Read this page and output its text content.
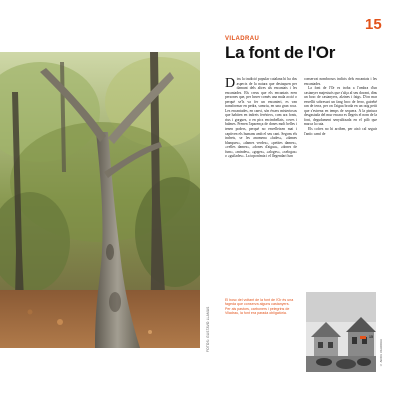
FOTOS: GUSTAVO LLAMAS
El bosc del voltant de la font de l'Or és una fageda que conserva alguns castanyers. Per als pastors, carboners i pelegrins de Viladrau, la font era parada obligatòria.
© ARXIU VILADRAU
15
VILADRAU
La font de l'Or

Dins la tradició popular catalana hi ha dos aspects de la natura que destaquen per damunt dels altres als encantats i les encantades. Els creus que els encantats eren persones que, per haver comès una mala acció o perquè se'ls va fer un encanteri, es van transformar en pedra, somriu, en una gran roca. Les encantades, en canvi, són éssers misteriosos que habiten en indrets feréstecs, com ara fonts, rius i gorgues, o en pics encimbellats, coves i balmes. Prenen l'aparença de dones molt belles i tenen poders, perquè no envelleixen mai i captiven els humans amb el seu cant. Segons els indrets, se les anomena «fades», «dames blanques», «dames verdes», «petites dames», «velles dames», «dones d'aigua», «dones de fum», «mindes», «goges», «aloges», «xelogas» o «guilades». La toponímia i el llegendari han

conservat nombrosos indicis dels encantats i les encantades.

La font de l'Or es troba a l'ombra d'un castanyer majestuós que s'alça al seu davant, dins un bosc de castanyers, alzines i faigs. D'on mar envellit sobresurt un fang broc de ferro, gairebé ran de terra, per on l'aigua broda en un raig petit que s'estrena en temps de sequera. A la pintura desgastada del mur encara es llegeix el nom de la font, degudament senyalitzada en el pilò que marca la ruta.

Els cofres no hi arriben, per això cal seguir l'antic camí de

15
